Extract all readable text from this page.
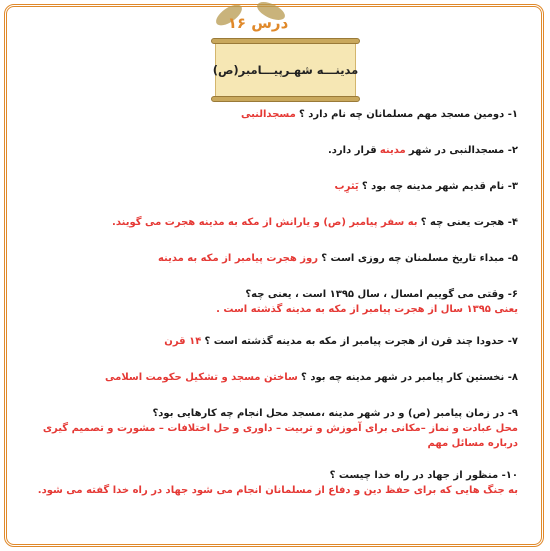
درس ۱۶
مدینـــه شهـرپیـــامبر(ص)
۱- دومین مسجد مهم مسلمانان چه نام دارد ؟ مسجدالنبی
۲- مسجدالنبی در شهر مدینه قرار دارد.
۳- نام قدیم شهر مدینه چه بود ؟ یَثرِب
۴- هجرت یعنی چه ؟ به سفر پیامبر (ص) و یارانش از مکه به مدینه هجرت می گویند.
۵- مبداء تاریخ مسلمنان چه روزی است ؟ روز هجرت پیامبر از مکه به مدینه
۶- وقتی می گوییم امسال ، سال ۱۳۹۵ است ، یعنی چه؟
یعنی ۱۳۹۵ سال از هجرت پیامبر از مکه به مدینه گذشته است .
۷- حدودا چند قرن از هجرت پیامبر از مکه به مدینه گذشته است ؟ ۱۴ قرن
۸- نخستین کار پیامبر در شهر مدینه چه بود ؟ ساختن مسجد و تشکیل حکومت اسلامی
۹- در زمان پیامبر (ص) و در شهر مدینه ،مسجد محل انجام چه کارهایی بود؟
محل عبادت و نماز –مکانی برای آموزش و تربیت – داوری و حل اختلافات – مشورت و تصمیم گیری درباره مسائل مهم
۱۰- منظور از جهاد در راه خدا چیست ؟
به جنگ هایی که برای حفظ دین و دفاع از مسلمانان انجام می شود جهاد در راه خدا گفته می شود.
